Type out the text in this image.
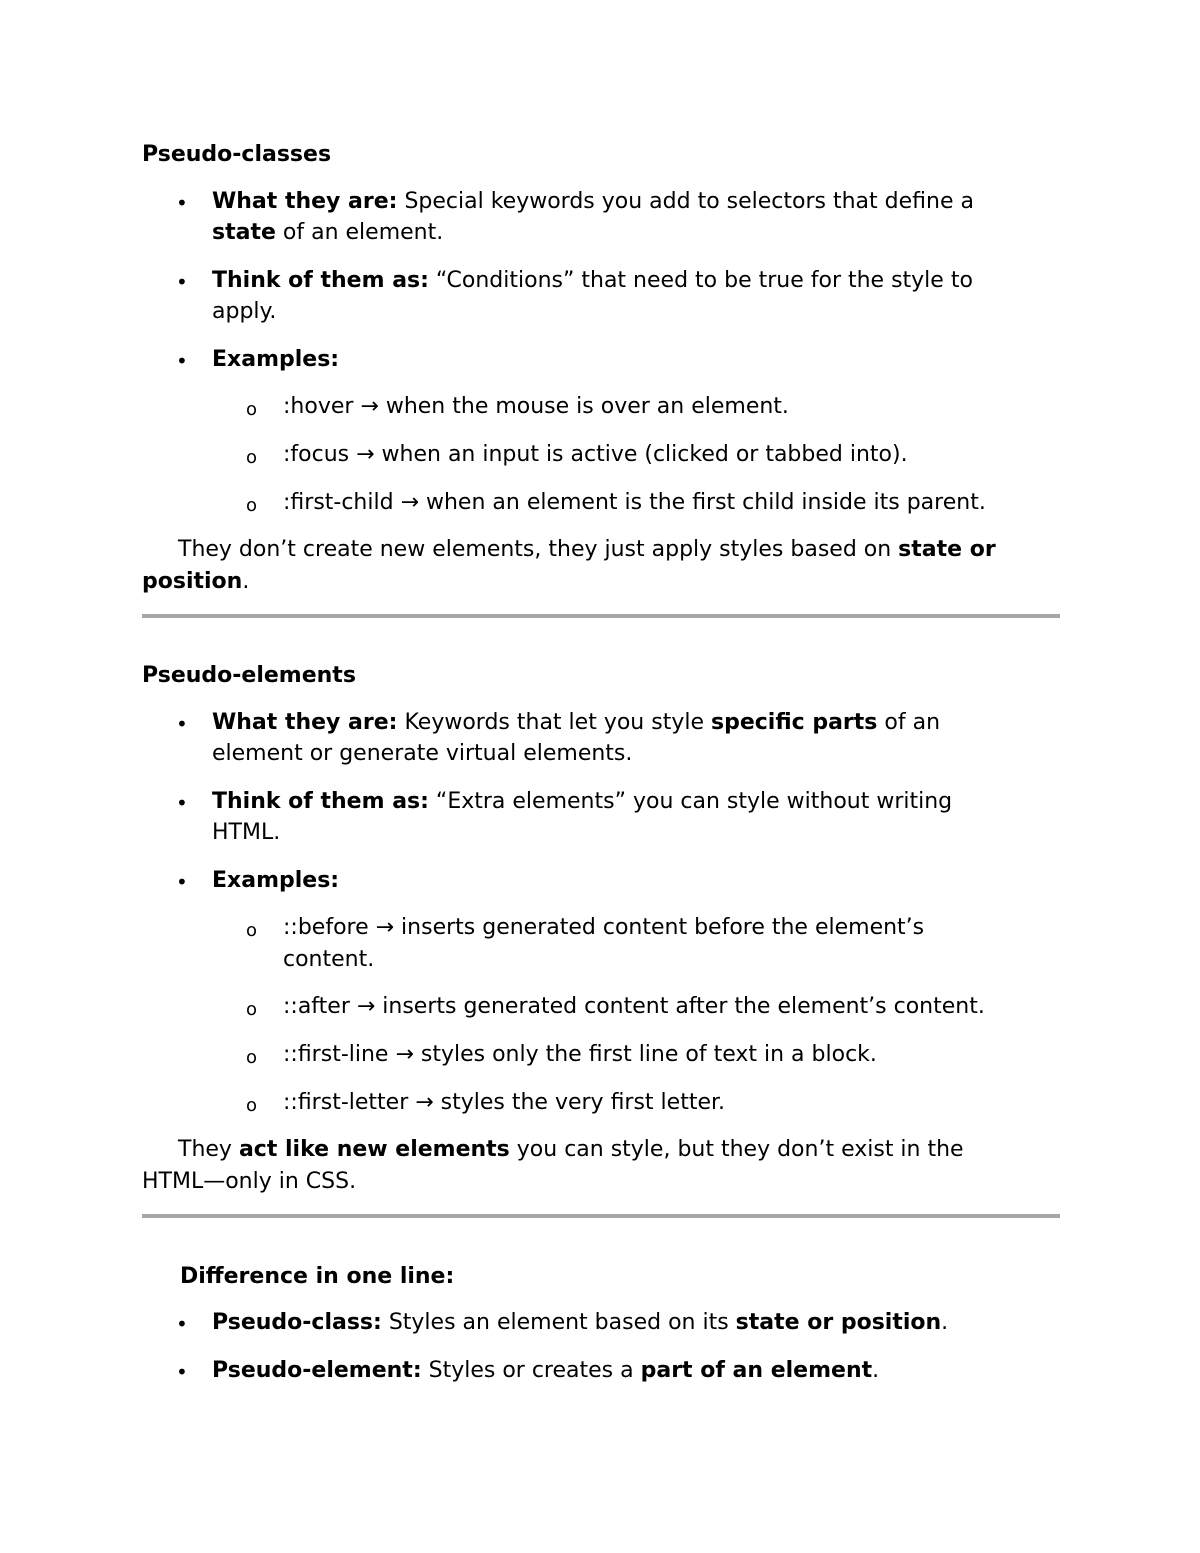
Pseudo-classes
• What they are: Special keywords you add to selectors that define a
state of an element.
• Think of them as: “Conditions” that need to be true for the style to
apply.
• Examples:
o :hover → when the mouse is over an element.
o :focus → when an input is active (clicked or tabbed into).
o :first-child → when an element is the first child inside its parent.
They don’t create new elements, they just apply styles based on state or
position.
Pseudo-elements
• What they are: Keywords that let you style specific parts of an
element or generate virtual elements.
• Think of them as: “Extra elements” you can style without writing
HTML.
• Examples:
o ::before → inserts generated content before the element’s
content.
o ::after → inserts generated content after the element’s content.
o ::first-line → styles only the first line of text in a block.
o ::first-letter → styles the very first letter.
They act like new elements you can style, but they don’t exist in the
HTML—only in CSS.
Difference in one line:
• Pseudo-class: Styles an element based on its state or position.
• Pseudo-element: Styles or creates a part of an element.
